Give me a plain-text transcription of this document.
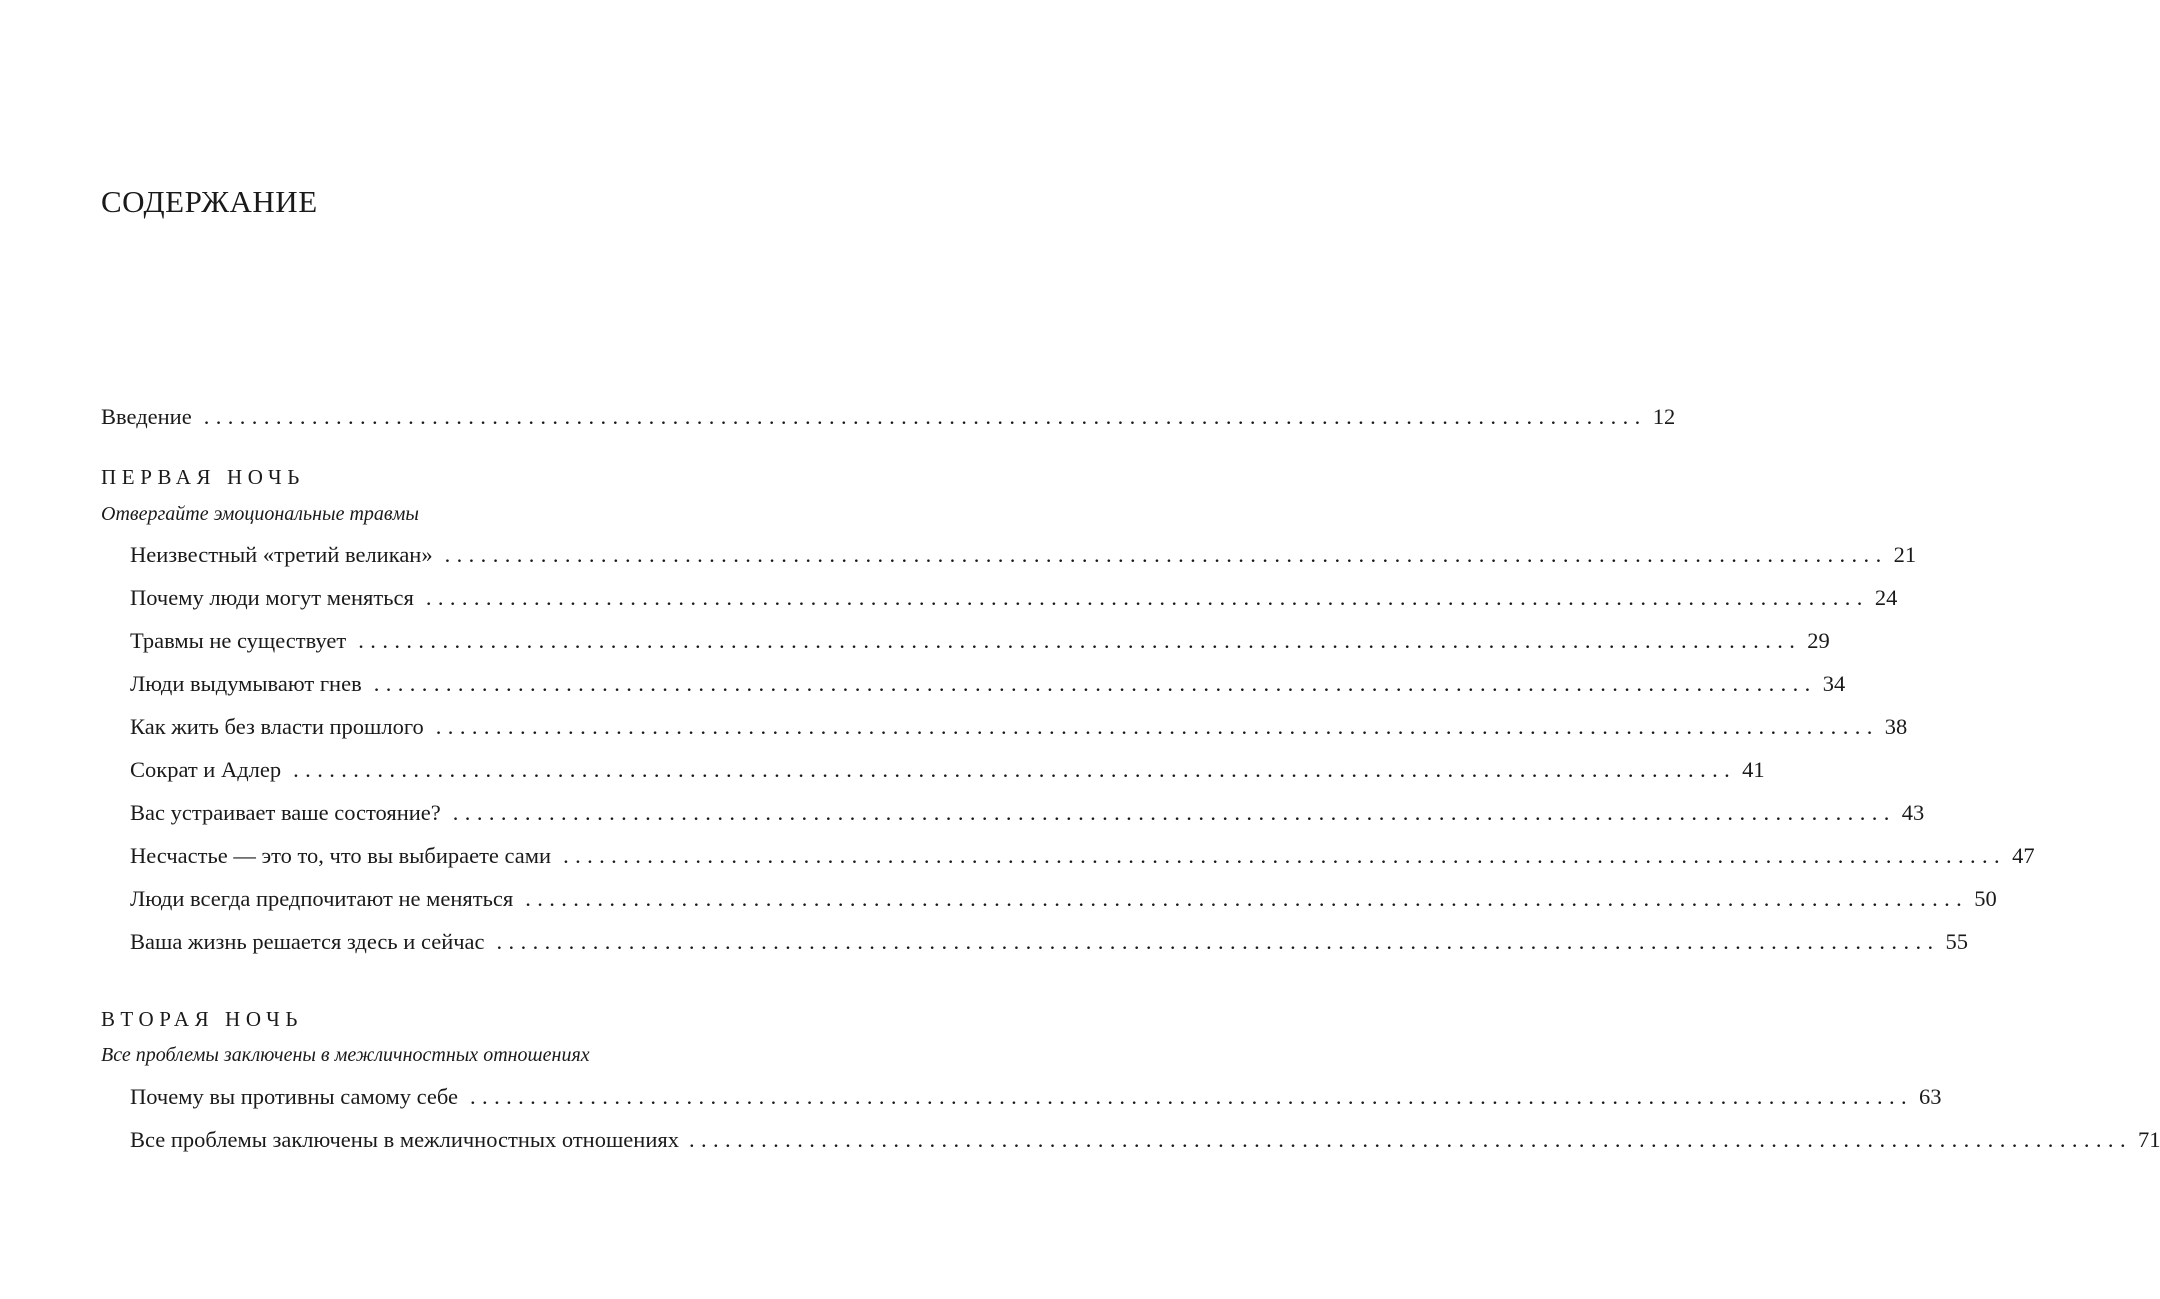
СОДЕРЖАНИЕ
Введение ........................................................................................................................ 12
ПЕРВАЯ НОЧЬ

Отвергайте эмоциональные травмы

Неизвестный «третий великан» ........................................................................................................................ 21
Почему люди могут меняться ........................................................................................................................ 24
Травмы не существует ........................................................................................................................ 29
Люди выдумывают гнев ........................................................................................................................ 34
Как жить без власти прошлого ........................................................................................................................ 38
Сократ и Адлер ........................................................................................................................ 41
Вас устраивает ваше состояние? ........................................................................................................................ 43
Несчастье — это то, что вы выбираете сами ........................................................................................................................ 47
Люди всегда предпочитают не меняться ........................................................................................................................ 50
Ваша жизнь решается здесь и сейчас ........................................................................................................................ 55
ВТОРАЯ НОЧЬ

Все проблемы заключены в межличностных отношениях

Почему вы противны самому себе ........................................................................................................................ 63
Все проблемы заключены в межличностных отношениях ........................................................................................................................ 71
